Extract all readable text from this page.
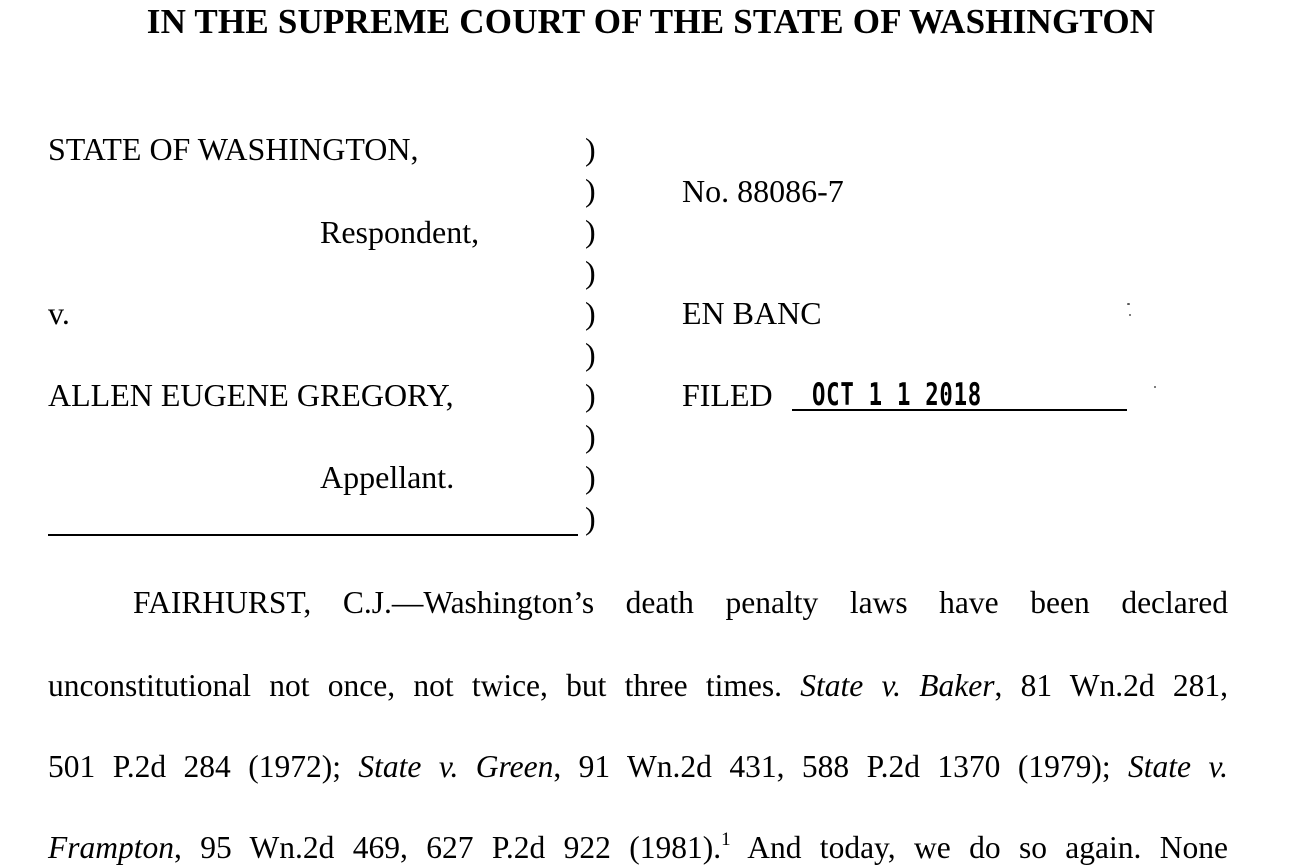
IN THE SUPREME COURT OF THE STATE OF WASHINGTON
STATE OF WASHINGTON,
Respondent,
v.
ALLEN EUGENE GREGORY,
Appellant.
)
)
)
)
)
)
)
)
)
)
No. 88086-7
EN BANC
FILED OCT 1 1 2018
FAIRHURST, C.J.—Washington’s death penalty laws have been declared
unconstitutional not once, not twice, but three times. State v. Baker, 81 Wn.2d 281,
501 P.2d 284 (1972); State v. Green, 91 Wn.2d 431, 588 P.2d 1370 (1979); State v.
Frampton, 95 Wn.2d 469, 627 P.2d 922 (1981).$^1$ And today, we do so again. None
